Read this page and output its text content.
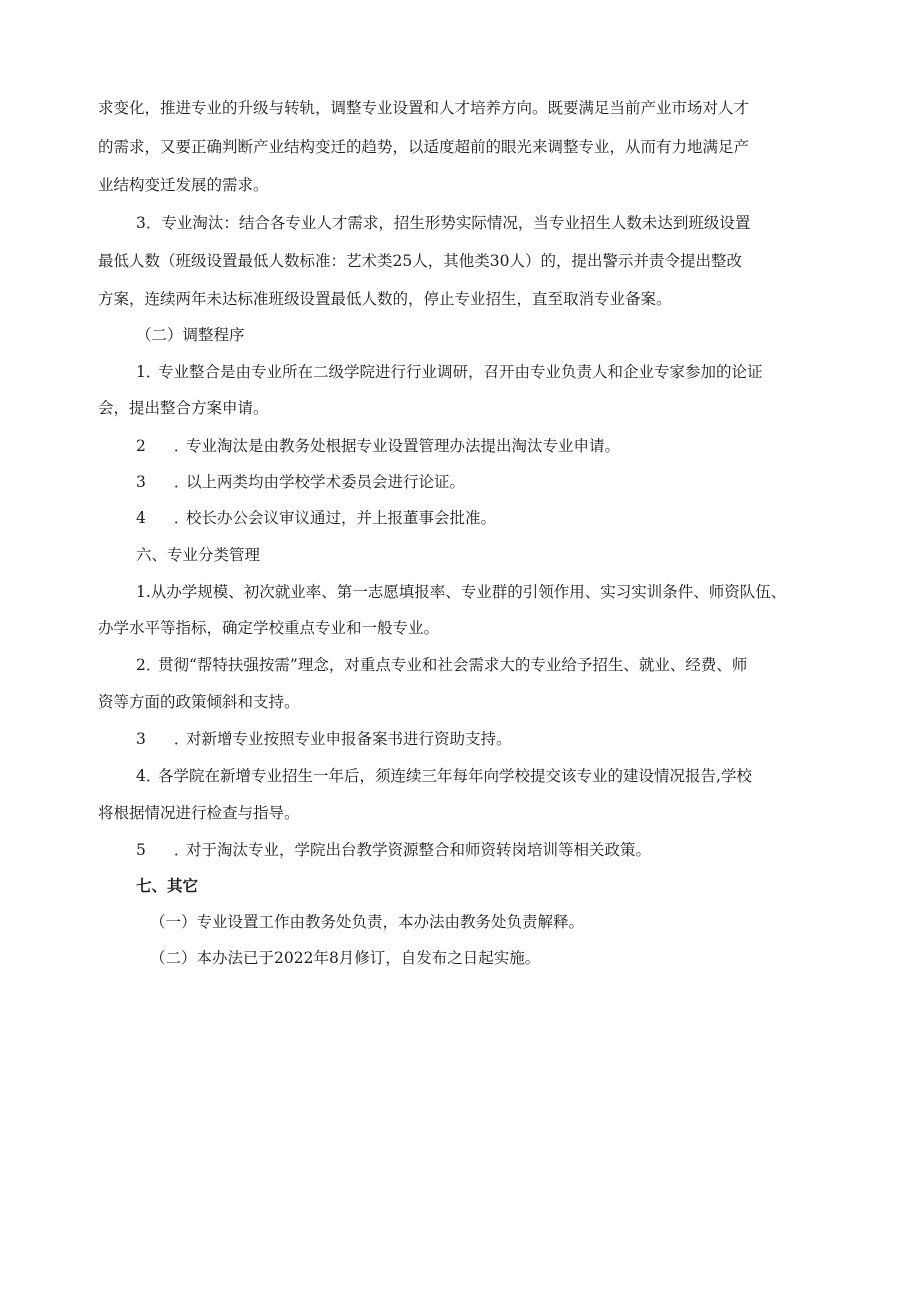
求变化，推进专业的升级与转轨，调整专业设置和人才培养方向。既要满足当前产业市场对人才

的需求，又要正确判断产业结构变迁的趋势，以适度超前的眼光来调整专业，从而有力地满足产

业结构变迁发展的需求。

3．专业淘汰：结合各专业人才需求，招生形势实际情况，当专业招生人数未达到班级设置

最低人数（班级设置最低人数标准：艺术类25人，其他类30人）的，提出警示并责令提出整改

方案，连续两年未达标准班级设置最低人数的，停止专业招生，直至取消专业备案。

（二）调整程序

1．专业整合是由专业所在二级学院进行行业调研，召开由专业负责人和企业专家参加的论证

会，提出整合方案申请。

2 ．专业淘汰是由教务处根据专业设置管理办法提出淘汰专业申请。

3 ．以上两类均由学校学术委员会进行论证。

4 ．校长办公会议审议通过，并上报董事会批准。

六、专业分类管理

1.从办学规模、初次就业率、第一志愿填报率、专业群的引领作用、实习实训条件、师资队伍、

办学水平等指标，确定学校重点专业和一般专业。

2．贯彻“帮特扶强按需”理念，对重点专业和社会需求大的专业给予招生、就业、经费、师

资等方面的政策倾斜和支持。

3 ．对新增专业按照专业申报备案书进行资助支持。

4．各学院在新增专业招生一年后，须连续三年每年向学校提交该专业的建设情况报告,学校

将根据情况进行检查与指导。

5 ．对于淘汰专业，学院出台教学资源整合和师资转岗培训等相关政策。

七、其它

（一）专业设置工作由教务处负责，本办法由教务处负责解释。

（二）本办法已于2022年8月修订，自发布之日起实施。
